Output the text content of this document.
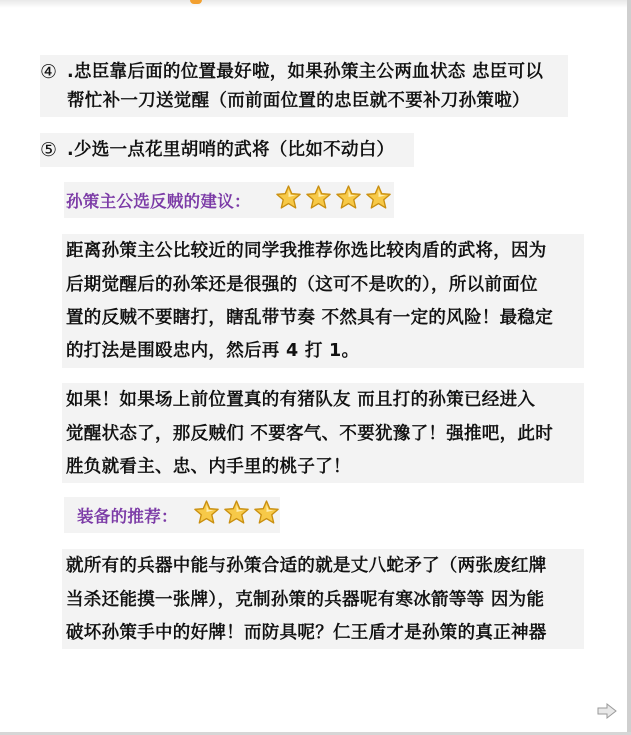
④ .忠臣靠后面的位置最好啦，如果孙策主公两血状态 忠臣可以
帮忙补一刀送觉醒（而前面位置的忠臣就不要补刀孙策啦）
⑤ .少选一点花里胡哨的武将（比如不动白）
孙策主公选反贼的建议：
距离孙策主公比较近的同学我推荐你选比较肉盾的武将，因为
后期觉醒后的孙笨还是很强的（这可不是吹的），所以前面位
置的反贼不要瞎打，瞎乱带节奏 不然具有一定的风险！最稳定
的打法是围殴忠内，然后再 4 打 1。
如果！如果场上前位置真的有猪队友 而且打的孙策已经进入
觉醒状态了，那反贼们 不要客气、不要犹豫了！强推吧，此时
胜负就看主、忠、内手里的桃子了！
装备的推荐：
就所有的兵器中能与孙策合适的就是丈八蛇矛了（两张废红牌
当杀还能摸一张牌），克制孙策的兵器呢有寒冰箭等等 因为能
破坏孙策手中的好牌！而防具呢？仁王盾才是孙策的真正神器
